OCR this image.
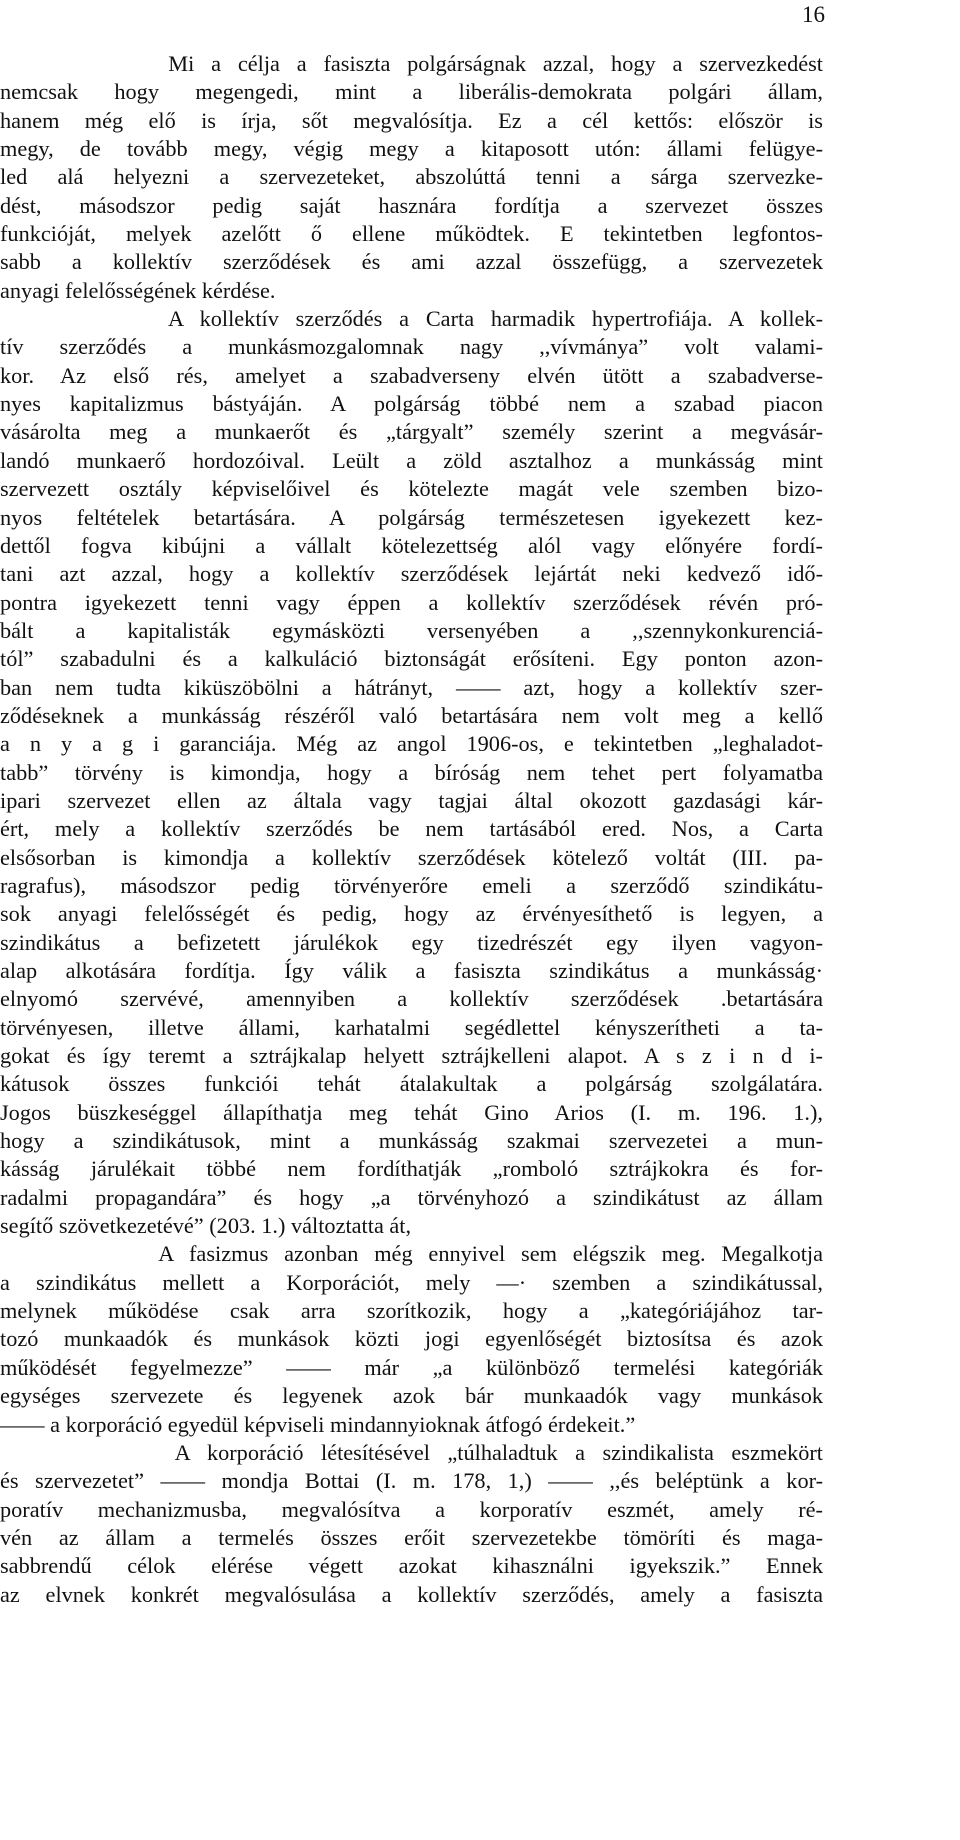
16
Mi a célja a fasiszta polgárságnak azzal, hogy a szervezkedést
nemcsak hogy megengedi, mint a liberális-demokrata polgári állam,
hanem még elő is írja, sőt megvalósítja. Ez a cél kettős: először is
megy, de tovább megy, végig megy a kitaposott utón: állami felügye-
led alá helyezni a szervezeteket, abszolúttá tenni a sárga szervezke-
dést, másodszor pedig saját hasznára fordítja a szervezet összes
funkcióját, melyek azelőtt ő ellene működtek. E tekintetben legfontos-
sabb a kollektív szerződések és ami azzal összefügg, a szervezetek
anyagi felelősségének kérdése.
A kollektív szerződés a Carta harmadik hypertrofiája. A kollek-
tív szerződés a munkásmozgalomnak nagy ,,vívmánya” volt valami-
kor. Az első rés, amelyet a szabadverseny elvén ütött a szabadverse-
nyes kapitalizmus bástyáján. A polgárság többé nem a szabad piacon
vásárolta meg a munkaerőt és „tárgyalt” személy szerint a megvásár-
landó munkaerő hordozóival. Leült a zöld asztalhoz a munkásság mint
szervezett osztály képviselőivel és kötelezte magát vele szemben bizo-
nyos feltételek betartására. A polgárság természetesen igyekezett kez-
dettől fogva kibújni a vállalt kötelezettség alól vagy előnyére fordí-
tani azt azzal, hogy a kollektív szerződések lejártát neki kedvező idő-
pontra igyekezett tenni vagy éppen a kollektív szerződések révén pró-
bált a kapitalisták egymásközti versenyében a ,,szennykonkurenciá-
tól” szabadulni és a kalkuláció biztonságát erősíteni. Egy ponton azon-
ban nem tudta kiküszöbölni a hátrányt, —— azt, hogy a kollektív szer-
ződéseknek a munkásság részéről való betartására nem volt meg a kellő
a n y a g i garanciája. Még az angol 1906-os, e tekintetben „leghaladot-
tabb” törvény is kimondja, hogy a bíróság nem tehet pert folyamatba
ipari szervezet ellen az általa vagy tagjai által okozott gazdasági kár-
ért, mely a kollektív szerződés be nem tartásából ered. Nos, a Carta
elsősorban is kimondja a kollektív szerződések kötelező voltát (III. pa-
ragrafus), másodszor pedig törvényerőre emeli a szerződő szindikátu-
sok anyagi felelősségét és pedig, hogy az érvényesíthető is legyen, a
szindikátus a befizetett járulékok egy tizedrészét egy ilyen vagyon-
alap alkotására fordítja. Így válik a fasiszta szindikátus a munkásság·
elnyomó szervévé, amennyiben a kollektív szerződések .betartására
törvényesen, illetve állami, karhatalmi segédlettel kényszerítheti a ta-
gokat és így teremt a sztrájkalap helyett sztrájkelleni alapot. A s z i n d i-
kátusok összes funkciói tehát átalakultak a polgárság szolgálatára.
Jogos büszkeséggel állapíthatja meg tehát Gino Arios (I. m. 196. 1.),
hogy a szindikátusok, mint a munkásság szakmai szervezetei a mun-
kásság járulékait többé nem fordíthatják „romboló sztrájkokra és for-
radalmi propagandára” és hogy „a törvényhozó a szindikátust az állam
segítő szövetkezetévé” (203. 1.) változtatta át,
A fasizmus azonban még ennyivel sem elégszik meg. Megalkotja
a szindikátus mellett a Korporációt, mely —· szemben a szindikátussal,
melynek működése csak arra szorítkozik, hogy a „kategóriájához tar-
tozó munkaadók és munkások közti jogi egyenlőségét biztosítsa és azok
működését fegyelmezze” —— már „a különböző termelési kategóriák
egységes szervezete és legyenek azok bár munkaadók vagy munkások
—— a korporáció egyedül képviseli mindannyioknak átfogó érdekeit.”
A korporáció létesítésével „túlhaladtuk a szindikalista eszmekört
és szervezetet” —— mondja Bottai (I. m. 178, 1,) —— ,,és beléptünk a kor-
poratív mechanizmusba, megvalósítva a korporatív eszmét, amely ré-
vén az állam a termelés összes erőit szervezetekbe tömöríti és maga-
sabbrendű célok elérése végett azokat kihasználni igyekszik.” Ennek
az elvnek konkrét megvalósulása a kollektív szerződés, amely a fasiszta
